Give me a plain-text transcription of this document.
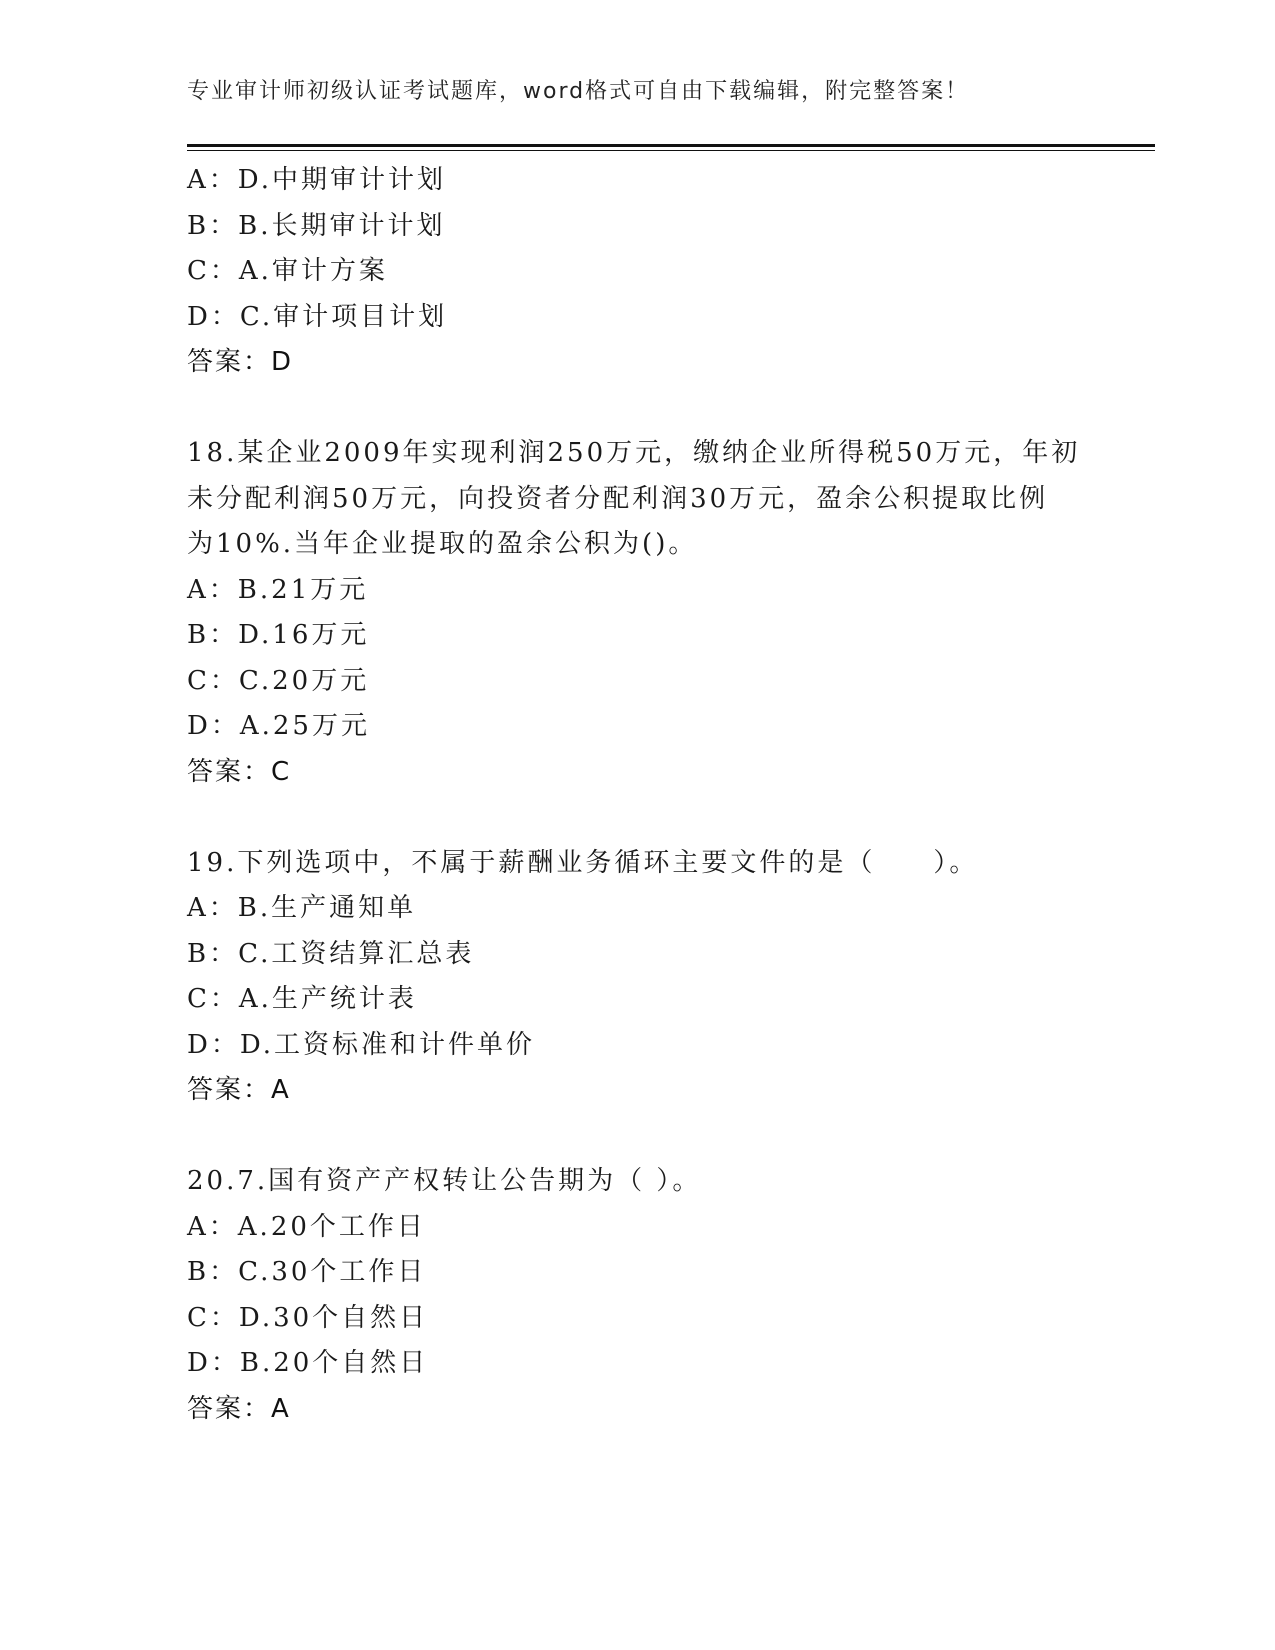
专业审计师初级认证考试题库，word格式可自由下载编辑，附完整答案！
A：D.中期审计计划
B：B.长期审计计划
C：A.审计方案
D：C.审计项目计划
答案：D
18.某企业2009年实现利润250万元，缴纳企业所得税50万元，年初
未分配利润50万元，向投资者分配利润30万元，盈余公积提取比例
为10%.当年企业提取的盈余公积为()。
A：B.21万元
B：D.16万元
C：C.20万元
D：A.25万元
答案：C
19.下列选项中，不属于薪酬业务循环主要文件的是（　　）。
A：B.生产通知单
B：C.工资结算汇总表
C：A.生产统计表
D：D.工资标准和计件单价
答案：A
20.7.国有资产产权转让公告期为（ ）。
A：A.20个工作日
B：C.30个工作日
C：D.30个自然日
D：B.20个自然日
答案：A
